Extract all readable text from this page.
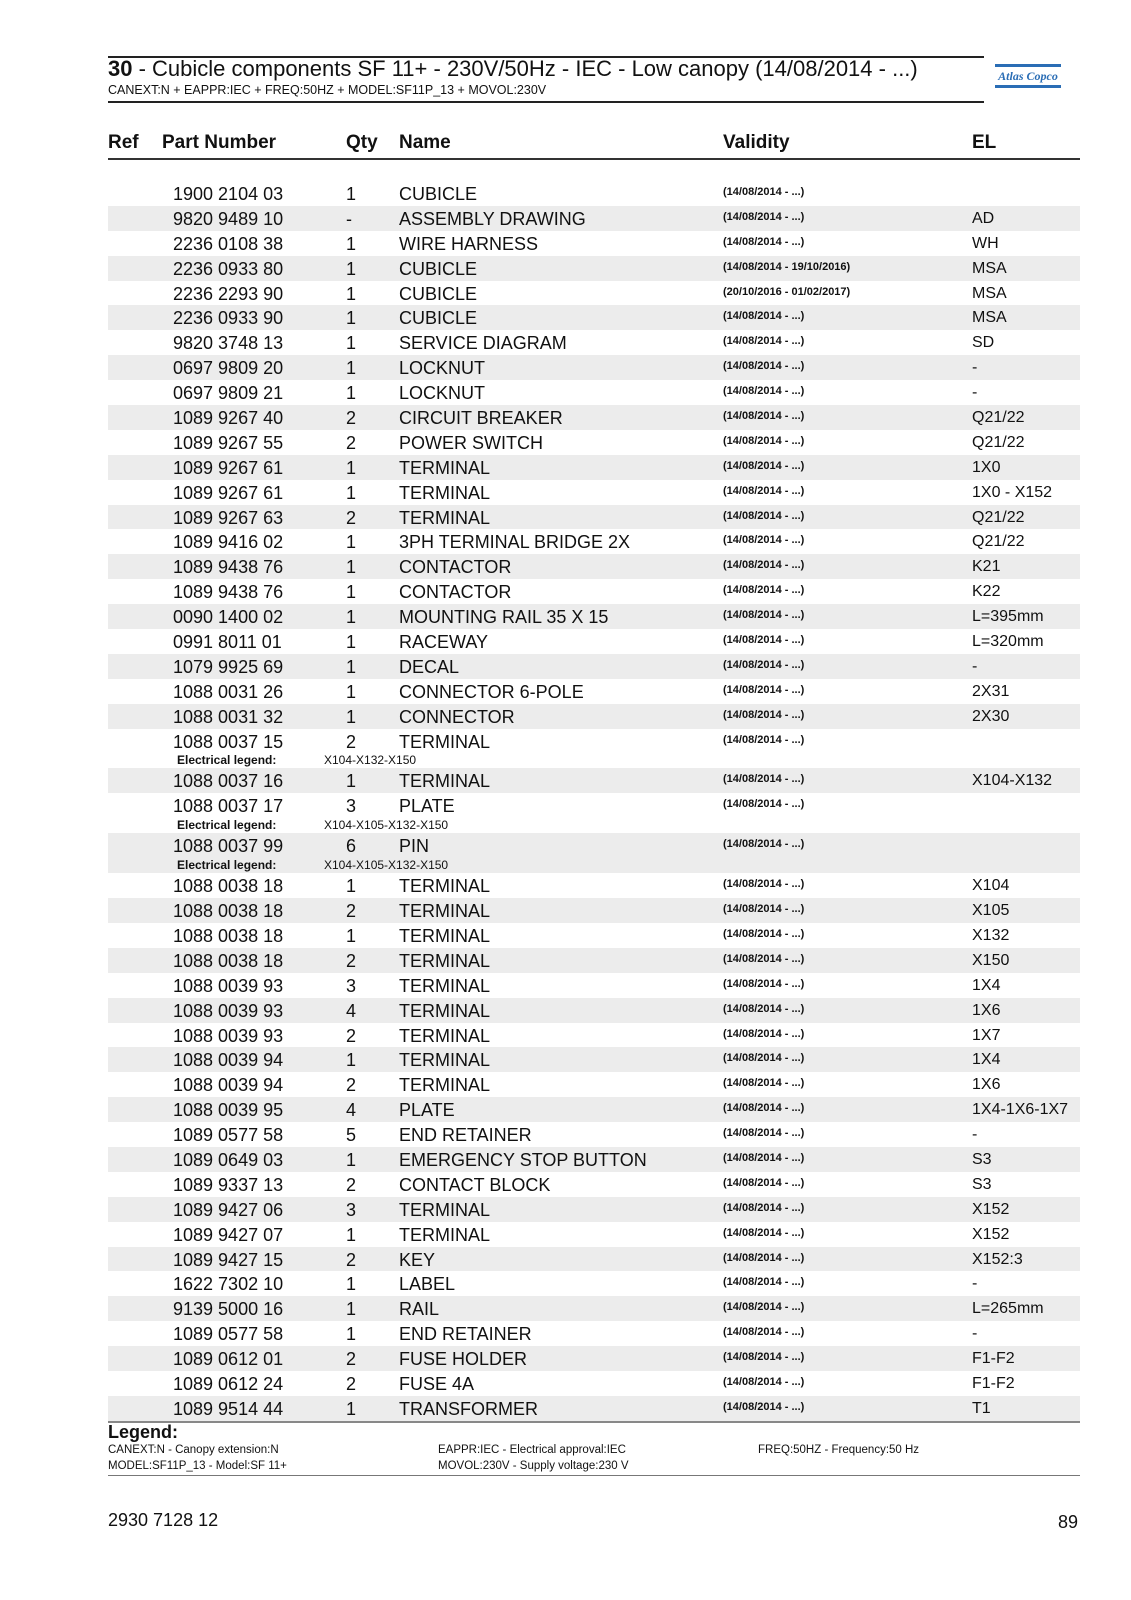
30 - Cubicle components SF 11+ - 230V/50Hz - IEC - Low canopy (14/08/2014 - ...)
CANEXT:N + EAPPR:IEC + FREQ:50HZ + MODEL:SF11P_13 + MOVOL:230V
Atlas Copco
Ref Part Number	Qty Name	Validity	EL
1900 2104 03	1 CUBICLE	(14/08/2014 - ...)
9820 9489 10	-	ASSEMBLY DRAWING	(14/08/2014 - ...)	AD
2236 0108 38	1 WIRE HARNESS	(14/08/2014 - ...)	WH
2236 0933 80	1 CUBICLE	(14/08/2014 - 19/10/2016)	MSA
2236 2293 90	1 CUBICLE	(20/10/2016 - 01/02/2017)	MSA
2236 0933 90	1 CUBICLE	(14/08/2014 - ...)	MSA
9820 3748 13	1 SERVICE DIAGRAM	(14/08/2014 - ...)	SD
0697 9809 20	1 LOCKNUT	(14/08/2014 - ...)	-
0697 9809 21	1 LOCKNUT	(14/08/2014 - ...)	-
1089 9267 40	2 CIRCUIT BREAKER	(14/08/2014 - ...)	Q21/22
1089 9267 55	2 POWER SWITCH	(14/08/2014 - ...)	Q21/22
1089 9267 61	1 TERMINAL	(14/08/2014 - ...)	1X0
1089 9267 61	1 TERMINAL	(14/08/2014 - ...)	1X0 - X152
1089 9267 63	2 TERMINAL	(14/08/2014 - ...)	Q21/22
1089 9416 02	1 3PH TERMINAL BRIDGE 2X	(14/08/2014 - ...)	Q21/22
1089 9438 76	1 CONTACTOR	(14/08/2014 - ...)	K21
1089 9438 76	1 CONTACTOR	(14/08/2014 - ...)	K22
0090 1400 02	1 MOUNTING RAIL 35 X 15	(14/08/2014 - ...)	L=395mm
0991 8011 01	1 RACEWAY	(14/08/2014 - ...)	L=320mm
1079 9925 69	1 DECAL	(14/08/2014 - ...)	-
1088 0031 26	1 CONNECTOR 6-POLE	(14/08/2014 - ...)	2X31
1088 0031 32	1 CONNECTOR	(14/08/2014 - ...)	2X30
1088 0037 15	2 TERMINAL	(14/08/2014 - ...)
Electrical legend:	X104-X132-X150
1088 0037 16	1 TERMINAL	(14/08/2014 - ...)	X104-X132
1088 0037 17	3 PLATE	(14/08/2014 - ...)
Electrical legend:	X104-X105-X132-X150
1088 0037 99	6 PIN	(14/08/2014 - ...)
Electrical legend:	X104-X105-X132-X150
1088 0038 18	1 TERMINAL	(14/08/2014 - ...)	X104
1088 0038 18	2 TERMINAL	(14/08/2014 - ...)	X105
1088 0038 18	1 TERMINAL	(14/08/2014 - ...)	X132
1088 0038 18	2 TERMINAL	(14/08/2014 - ...)	X150
1088 0039 93	3 TERMINAL	(14/08/2014 - ...)	1X4
1088 0039 93	4 TERMINAL	(14/08/2014 - ...)	1X6
1088 0039 93	2 TERMINAL	(14/08/2014 - ...)	1X7
1088 0039 94	1 TERMINAL	(14/08/2014 - ...)	1X4
1088 0039 94	2 TERMINAL	(14/08/2014 - ...)	1X6
1088 0039 95	4 PLATE	(14/08/2014 - ...)	1X4-1X6-1X7
1089 0577 58	5 END RETAINER	(14/08/2014 - ...)	-
1089 0649 03	1 EMERGENCY STOP BUTTON	(14/08/2014 - ...)	S3
1089 9337 13	2 CONTACT BLOCK	(14/08/2014 - ...)	S3
1089 9427 06	3 TERMINAL	(14/08/2014 - ...)	X152
1089 9427 07	1 TERMINAL	(14/08/2014 - ...)	X152
1089 9427 15	2 KEY	(14/08/2014 - ...)	X152:3
1622 7302 10	1 LABEL	(14/08/2014 - ...)	-
9139 5000 16	1 RAIL	(14/08/2014 - ...)	L=265mm
1089 0577 58	1 END RETAINER	(14/08/2014 - ...)	-
1089 0612 01	2 FUSE HOLDER	(14/08/2014 - ...)	F1-F2
1089 0612 24	2 FUSE 4A	(14/08/2014 - ...)	F1-F2
1089 9514 44	1 TRANSFORMER	(14/08/2014 - ...)	T1
Legend:
CANEXT:N - Canopy extension:N
MODEL:SF11P_13 - Model:SF 11+
EAPPR:IEC - Electrical approval:IEC
MOVOL:230V - Supply voltage:230 V
FREQ:50HZ - Frequency:50 Hz
2930 7128 12	89
